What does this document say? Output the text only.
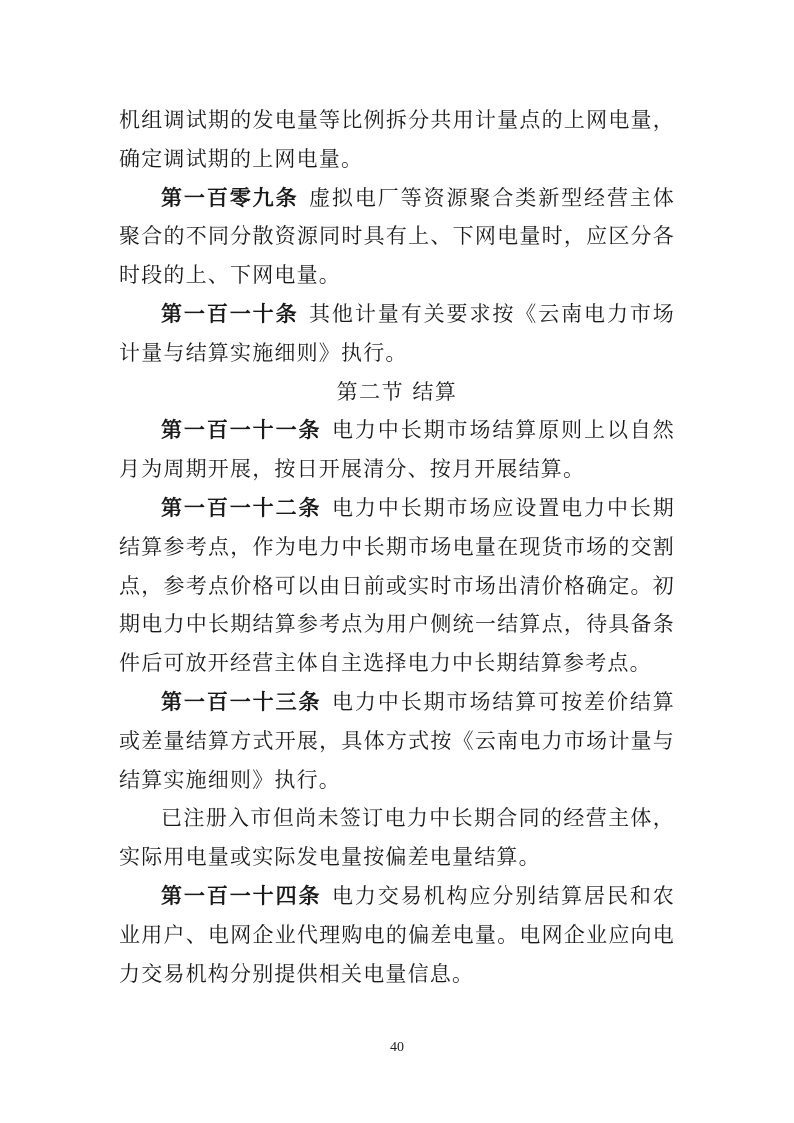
机组调试期的发电量等比例拆分共用计量点的上网电量，确定调试期的上网电量。

第一百零九条 虚拟电厂等资源聚合类新型经营主体聚合的不同分散资源同时具有上、下网电量时，应区分各时段的上、下网电量。

第一百一十条 其他计量有关要求按《云南电力市场计量与结算实施细则》执行。

第二节 结算

第一百一十一条 电力中长期市场结算原则上以自然月为周期开展，按日开展清分、按月开展结算。

第一百一十二条 电力中长期市场应设置电力中长期结算参考点，作为电力中长期市场电量在现货市场的交割点，参考点价格可以由日前或实时市场出清价格确定。初期电力中长期结算参考点为用户侧统一结算点，待具备条件后可放开经营主体自主选择电力中长期结算参考点。

第一百一十三条 电力中长期市场结算可按差价结算或差量结算方式开展，具体方式按《云南电力市场计量与结算实施细则》执行。

已注册入市但尚未签订电力中长期合同的经营主体，实际用电量或实际发电量按偏差电量结算。

第一百一十四条 电力交易机构应分别结算居民和农业用户、电网企业代理购电的偏差电量。电网企业应向电力交易机构分别提供相关电量信息。

40
